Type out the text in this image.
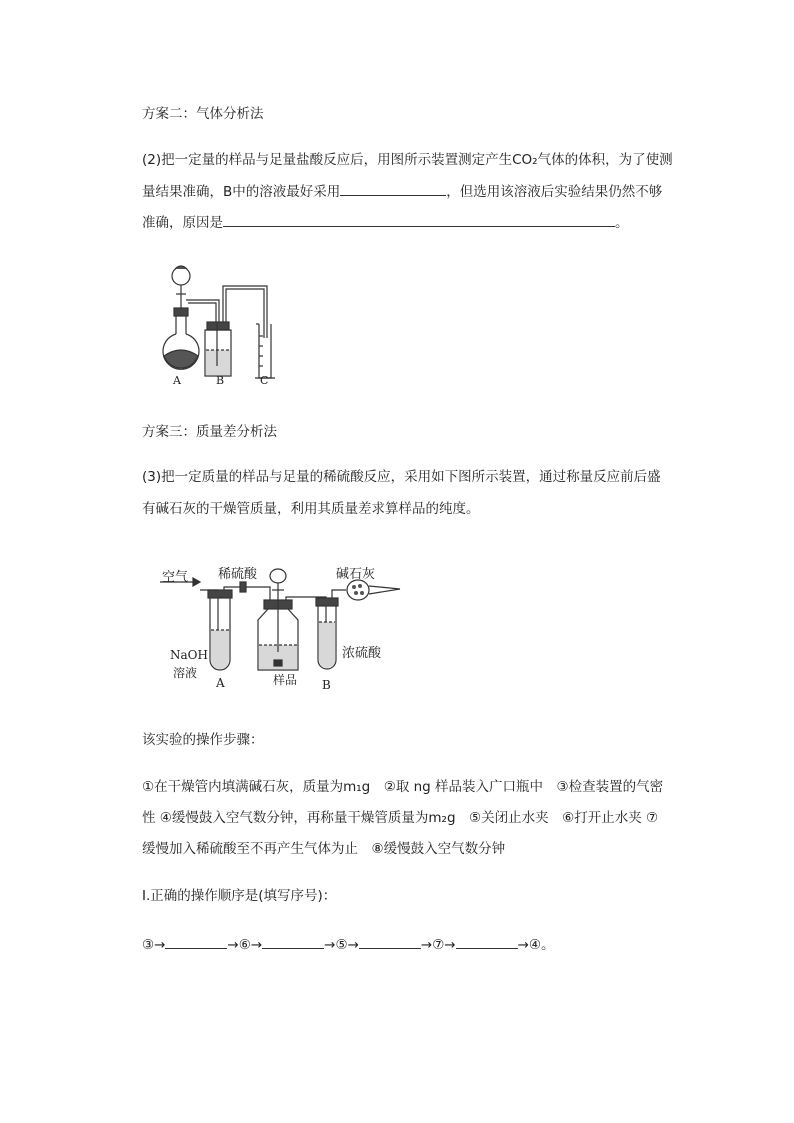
方案二：气体分析法
(2)把一定量的样品与足量盐酸反应后，用图所示装置测定产生CO₂气体的体积，为了使测
量结果准确，B中的溶液最好采用	，但选用该溶液后实验结果仍然不够
准确，原因是	。
A	B	C
方案三：质量差分析法
(3)把一定质量的样品与足量的稀硫酸反应，采用如下图所示装置，通过称量反应前后盛
有碱石灰的干燥管质量，利用其质量差求算样品的纯度。
空气 稀硫酸	碱石灰
NaOH
溶液
A	样品
浓硫酸
B
该实验的操作步骤：
①在干燥管内填满碱石灰，质量为m₁g　②取 ng 样品装入广口瓶中　③检查装置的气密
性 ④缓慢鼓入空气数分钟，再称量干燥管质量为m₂g　⑤关闭止水夹　⑥打开止水夹 ⑦
缓慢加入稀硫酸至不再产生气体为止　⑧缓慢鼓入空气数分钟
Ⅰ.正确的操作顺序是(填写序号)：
③→	→⑥→	→⑤→	→⑦→	→④。
